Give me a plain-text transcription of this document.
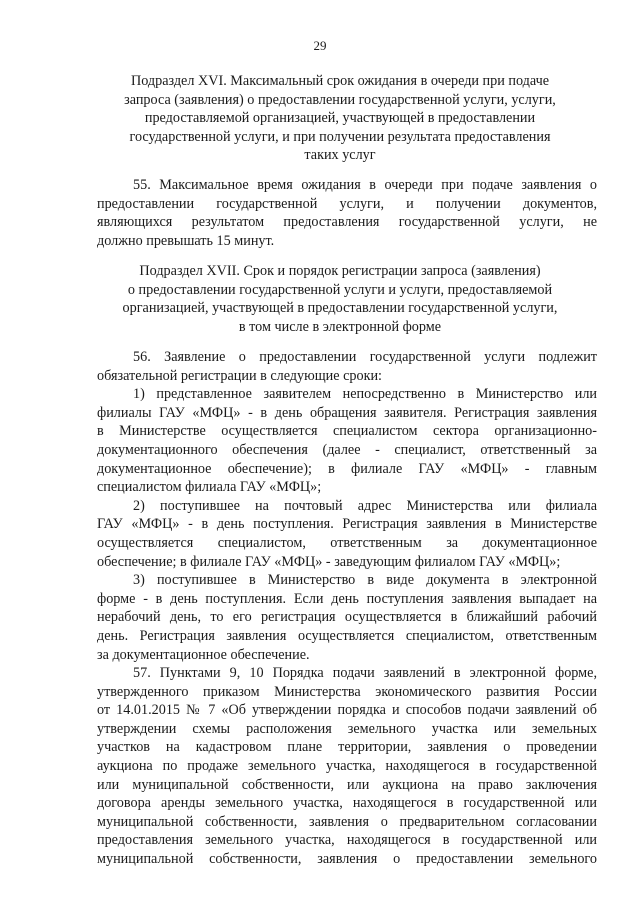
29
Подраздел XVI. Максимальный срок ожидания в очереди при подаче
запроса (заявления) о предоставлении государственной услуги, услуги,
предоставляемой организацией, участвующей в предоставлении
государственной услуги, и при получении результата предоставления
таких услуг
55. Максимальное время ожидания в очереди при подаче заявления о
предоставлении государственной услуги, и получении документов,
являющихся результатом предоставления государственной услуги, не
должно превышать 15 минут.
Подраздел XVII. Срок и порядок регистрации запроса (заявления)
о предоставлении государственной услуги и услуги, предоставляемой
организацией, участвующей в предоставлении государственной услуги,
в том числе в электронной форме
56. Заявление о предоставлении государственной услуги подлежит
обязательной регистрации в следующие сроки:
1) представленное заявителем непосредственно в Министерство или
филиалы ГАУ «МФЦ» - в день обращения заявителя. Регистрация заявления
в Министерстве осуществляется специалистом сектора организационно-
документационного обеспечения (далее - специалист, ответственный за
документационное обеспечение); в филиале ГАУ «МФЦ» - главным
специалистом филиала ГАУ «МФЦ»;
2) поступившее на почтовый адрес Министерства или филиала
ГАУ «МФЦ» - в день поступления. Регистрация заявления в Министерстве
осуществляется специалистом, ответственным за документационное
обеспечение; в филиале ГАУ «МФЦ» - заведующим филиалом ГАУ «МФЦ»;
3) поступившее в Министерство в виде документа в электронной
форме - в день поступления. Если день поступления заявления выпадает на
нерабочий день, то его регистрация осуществляется в ближайший рабочий
день. Регистрация заявления осуществляется специалистом, ответственным
за документационное обеспечение.
57. Пунктами 9, 10 Порядка подачи заявлений в электронной форме,
утвержденного приказом Министерства экономического развития России
от 14.01.2015 № 7 «Об утверждении порядка и способов подачи заявлений об
утверждении схемы расположения земельного участка или земельных
участков на кадастровом плане территории, заявления о проведении
аукциона по продаже земельного участка, находящегося в государственной
или муниципальной собственности, или аукциона на право заключения
договора аренды земельного участка, находящегося в государственной или
муниципальной собственности, заявления о предварительном согласовании
предоставления земельного участка, находящегося в государственной или
муниципальной собственности, заявления о предоставлении земельного
